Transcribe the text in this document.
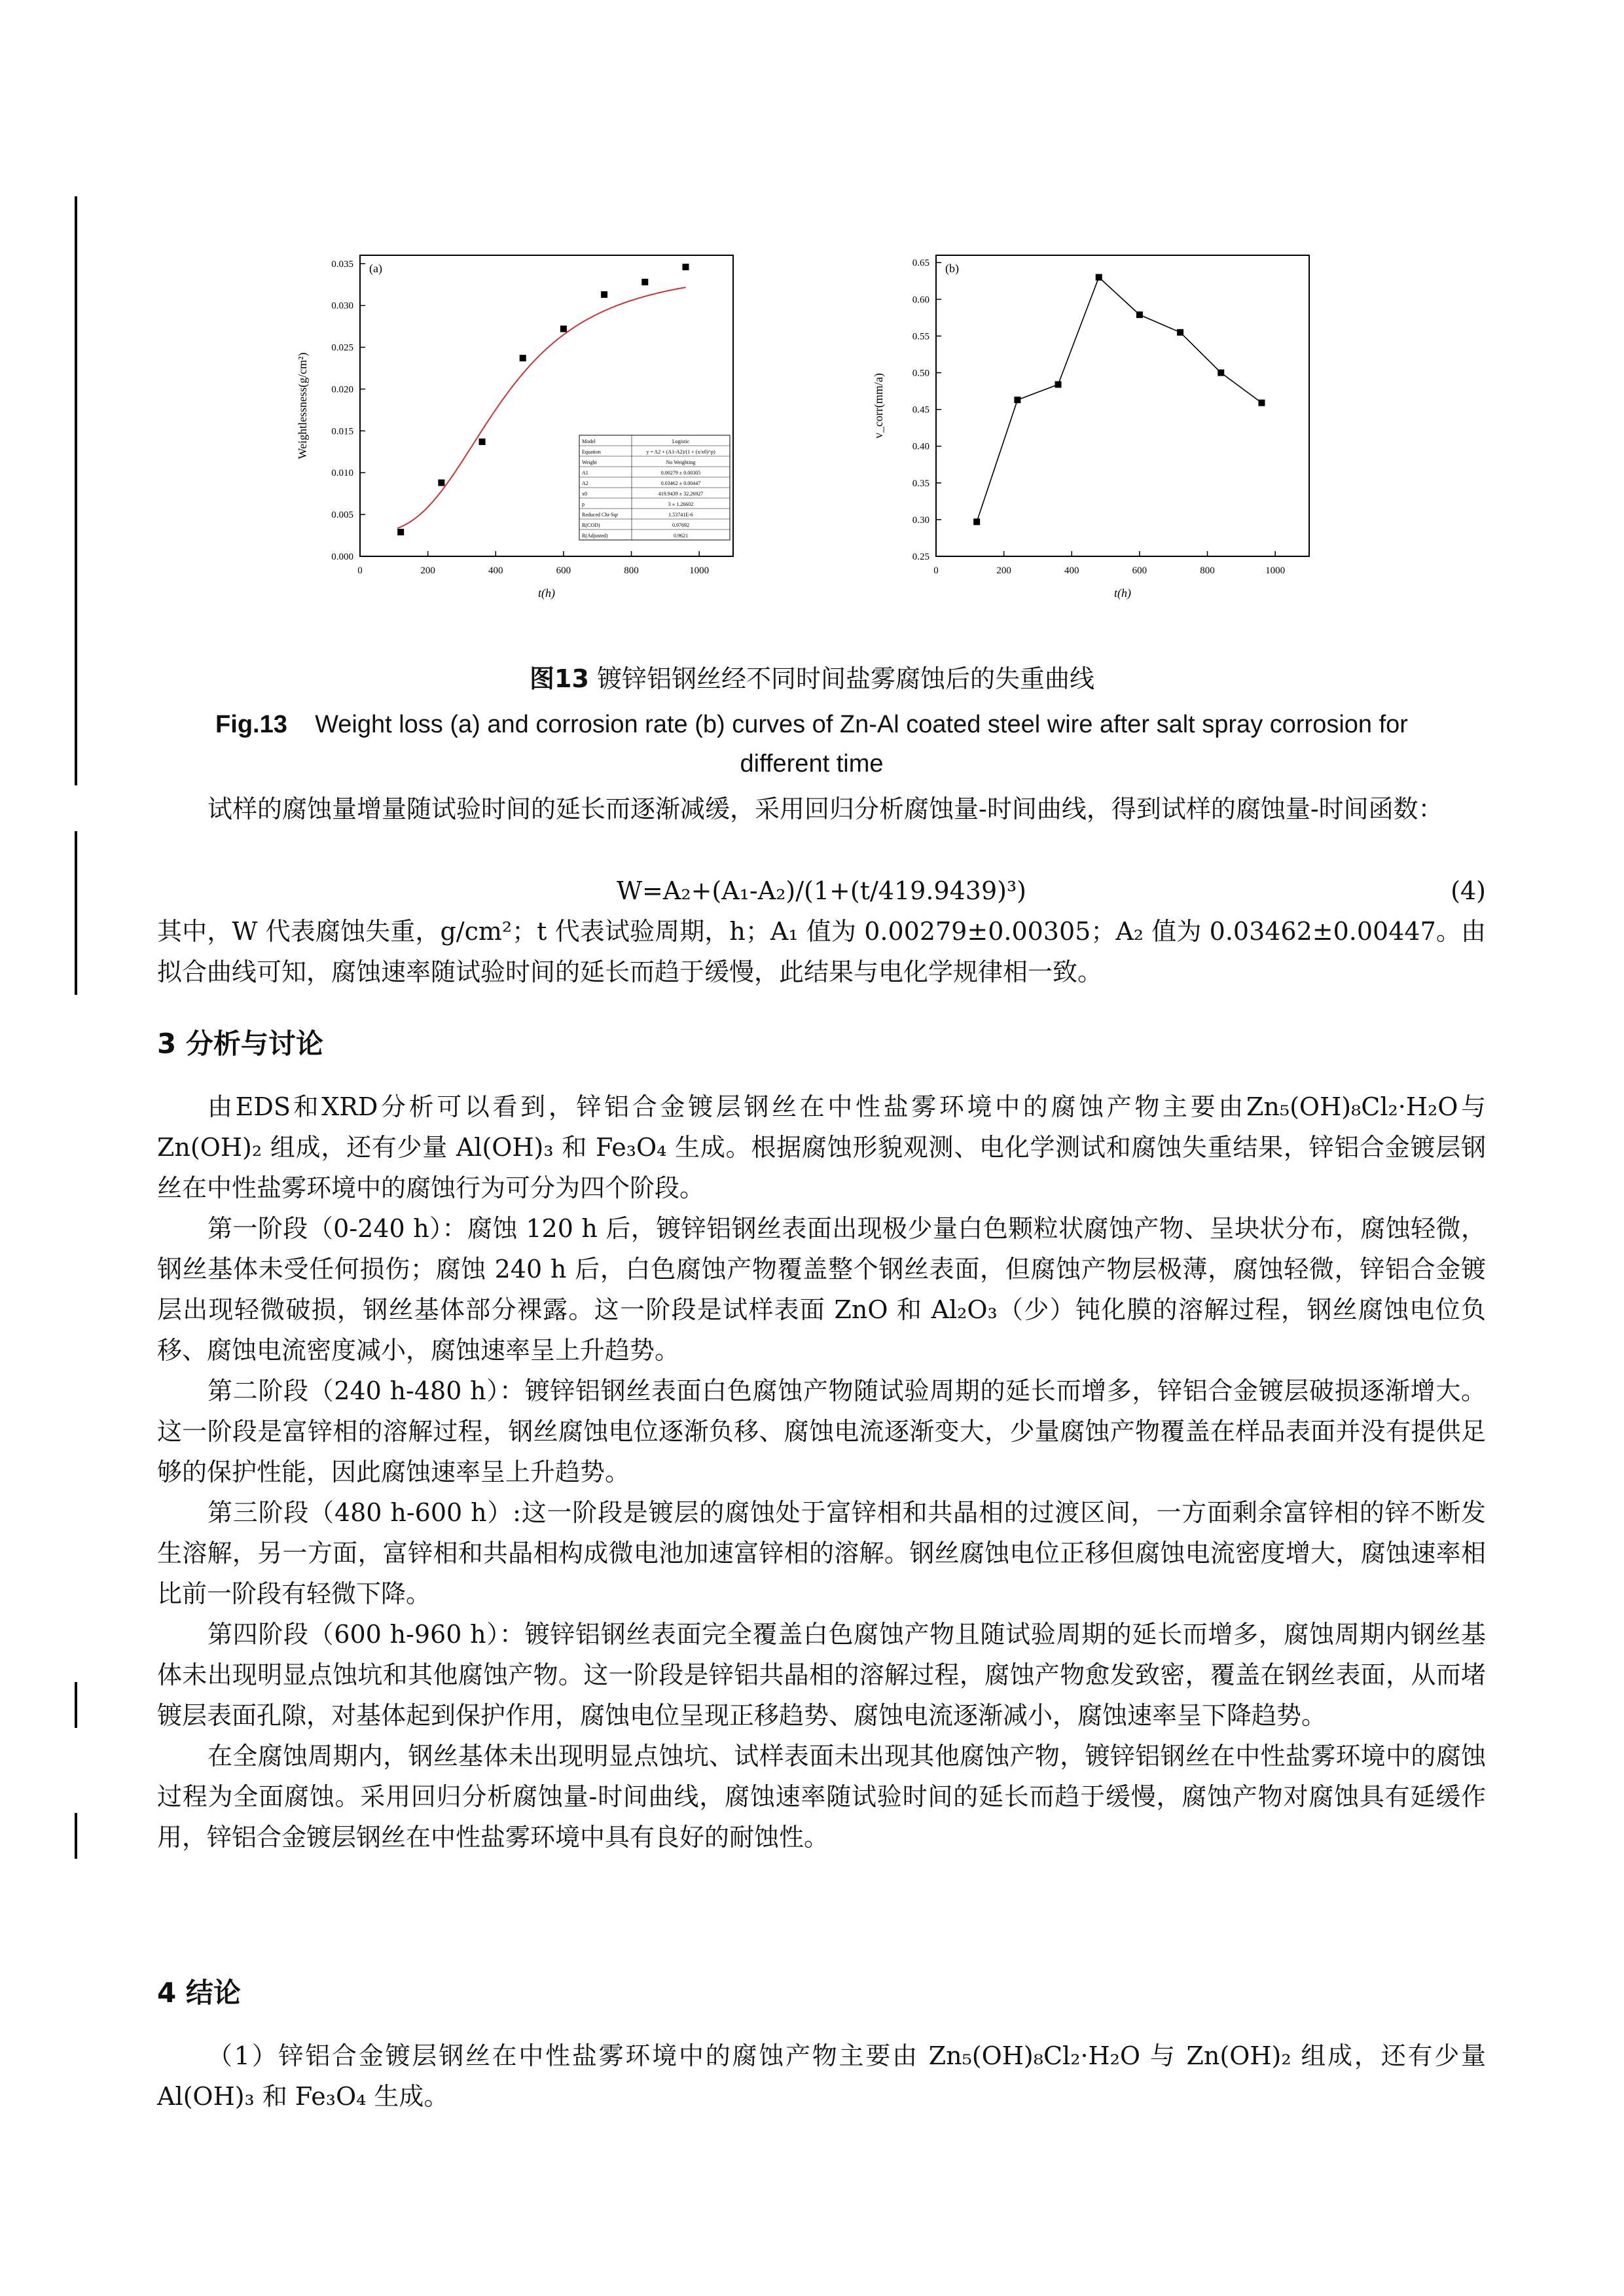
0	200	400	600	800	1000
0.000
0.005
0.010
0.015
0.020
0.025
0.030
0.035 (a)
t(h)
Weightlessness(g/cm²)	Model	Logistic
Equation	y = A2 + (A1-A2)/(1 + (x/x0)^p)
Weight	No Weighting
A1	0.00279 ± 0.00305
A2	0.03462 ± 0.00447
x0	419.9439 ± 32.26927
p	3 ± 1.26602
Reduced Chi-Sqr	1.53741E-6
R(COD)	0.97692
R(Adjusted)	0.9621
0	200	400	600	800	1000
0.25
0.30
0.35
0.40
0.45
0.50
0.55
0.60
0.65 (b)
t(h)
v_corr(mm/a)
图13 镀锌铝钢丝经不同时间盐雾腐蚀后的失重曲线
Fig.13 Weight loss (a) and corrosion rate (b) curves of Zn-Al coated steel wire after salt spray corrosion for different time

试样的腐蚀量增量随试验时间的延长而逐渐减缓，采用回归分析腐蚀量-时间曲线，得到试样的腐蚀量-时间函数：

W=A₂+(A₁-A₂)/(1+(t/419.9439)³)	(4)

其中，W 代表腐蚀失重，g/cm²；t 代表试验周期，h；A₁ 值为 0.00279±0.00305；A₂ 值为 0.03462±0.00447。由拟合曲线可知，腐蚀速率随试验时间的延长而趋于缓慢，此结果与电化学规律相一致。

3 分析与讨论

由EDS和XRD分析可以看到，锌铝合金镀层钢丝在中性盐雾环境中的腐蚀产物主要由Zn₅(OH)₈Cl₂·H₂O与 Zn(OH)₂ 组成，还有少量 Al(OH)₃ 和 Fe₃O₄ 生成。根据腐蚀形貌观测、电化学测试和腐蚀失重结果，锌铝合金镀层钢丝在中性盐雾环境中的腐蚀行为可分为四个阶段。

第一阶段（0-240 h）：腐蚀 120 h 后，镀锌铝钢丝表面出现极少量白色颗粒状腐蚀产物、呈块状分布，腐蚀轻微，钢丝基体未受任何损伤；腐蚀 240 h 后，白色腐蚀产物覆盖整个钢丝表面，但腐蚀产物层极薄，腐蚀轻微，锌铝合金镀层出现轻微破损，钢丝基体部分裸露。这一阶段是试样表面 ZnO 和 Al₂O₃（少）钝化膜的溶解过程，钢丝腐蚀电位负移、腐蚀电流密度减小，腐蚀速率呈上升趋势。

第二阶段（240 h-480 h）：镀锌铝钢丝表面白色腐蚀产物随试验周期的延长而增多，锌铝合金镀层破损逐渐增大。这一阶段是富锌相的溶解过程，钢丝腐蚀电位逐渐负移、腐蚀电流逐渐变大，少量腐蚀产物覆盖在样品表面并没有提供足够的保护性能，因此腐蚀速率呈上升趋势。

第三阶段（480 h-600 h）:这一阶段是镀层的腐蚀处于富锌相和共晶相的过渡区间，一方面剩余富锌相的锌不断发生溶解，另一方面，富锌相和共晶相构成微电池加速富锌相的溶解。钢丝腐蚀电位正移但腐蚀电流密度增大，腐蚀速率相比前一阶段有轻微下降。

第四阶段（600 h-960 h）：镀锌铝钢丝表面完全覆盖白色腐蚀产物且随试验周期的延长而增多，腐蚀周期内钢丝基体未出现明显点蚀坑和其他腐蚀产物。这一阶段是锌铝共晶相的溶解过程，腐蚀产物愈发致密，覆盖在钢丝表面，从而堵镀层表面孔隙，对基体起到保护作用，腐蚀电位呈现正移趋势、腐蚀电流逐渐减小，腐蚀速率呈下降趋势。

在全腐蚀周期内，钢丝基体未出现明显点蚀坑、试样表面未出现其他腐蚀产物，镀锌铝钢丝在中性盐雾环境中的腐蚀过程为全面腐蚀。采用回归分析腐蚀量-时间曲线，腐蚀速率随试验时间的延长而趋于缓慢，腐蚀产物对腐蚀具有延缓作用，锌铝合金镀层钢丝在中性盐雾环境中具有良好的耐蚀性。

4 结论

（1）锌铝合金镀层钢丝在中性盐雾环境中的腐蚀产物主要由 Zn₅(OH)₈Cl₂·H₂O 与 Zn(OH)₂ 组成，还有少量 Al(OH)₃ 和 Fe₃O₄ 生成。
